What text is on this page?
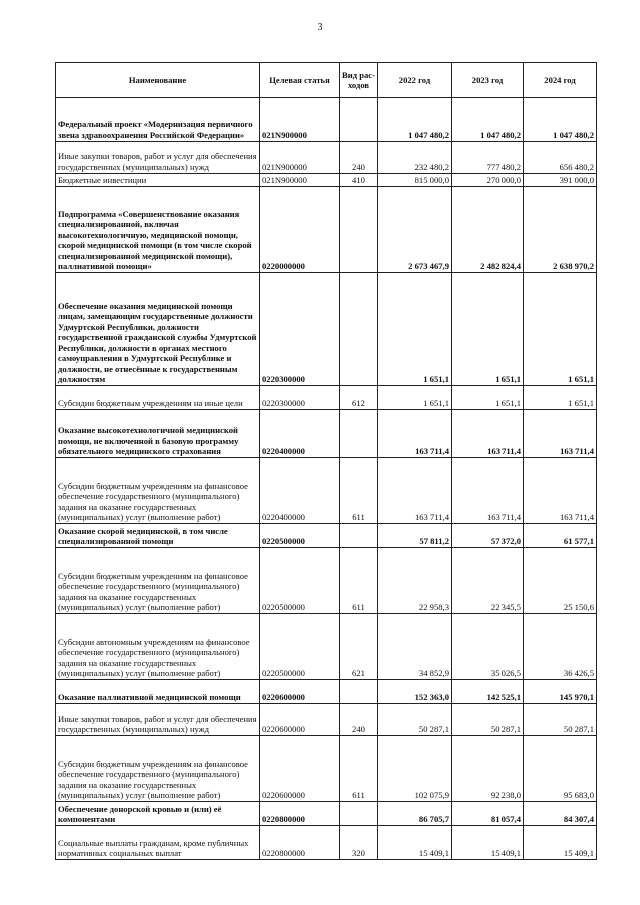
3
Наименование	Целевая статья	Вид рас-ходов	2022 год	2023 год	2024 год
Федеральный проект «Модернизация первичного звена здравоохранения Российской Федерации»	021N900000		1 047 480,2	1 047 480,2	1 047 480,2
Иные закупки товаров, работ и услуг для обеспечения государственных (муниципальных) нужд	021N900000	240	232 480,2	777 480,2	656 480,2
Бюджетные инвестиции	021N900000	410	815 000,0	270 000,0	391 000,0
Подпрограмма «Совершенствование оказания специализированной, включая высокотехнологичную, медицинской помощи, скорой медицинской помощи (в том числе скорой специализированной медицинской помощи), паллиативной помощи»	0220000000		2 673 467,9	2 482 824,4	2 638 970,2
Обеспечение оказания медицинской помощи лицам, замещающим государственные должности Удмуртской Республики, должности государственной гражданской службы Удмуртской Республики, должности в органах местного самоуправления в Удмуртской Республике и должности, не отнесённые к государственным должностям	0220300000		1 651,1	1 651,1	1 651,1
Субсидии бюджетным учреждениям на иные цели	0220300000	612	1 651,1	1 651,1	1 651,1
Оказание высокотехнологичной медицинской помощи, не включенной в базовую программу обязательного медицинского страхования	0220400000		163 711,4	163 711,4	163 711,4
Субсидии бюджетным учреждениям на финансовое обеспечение государственного (муниципального) задания на оказание государственных (муниципальных) услуг (выполнение работ)	0220400000	611	163 711,4	163 711,4	163 711,4
Оказание скорой медицинской, в том числе специализированной помощи	0220500000		57 811,2	57 372,0	61 577,1
Субсидии бюджетным учреждениям на финансовое обеспечение государственного (муниципального) задания на оказание государственных (муниципальных) услуг (выполнение работ)	0220500000	611	22 958,3	22 345,5	25 150,6
Субсидии автономным учреждениям на финансовое обеспечение государственного (муниципального) задания на оказание государственных (муниципальных) услуг (выполнение работ)	0220500000	621	34 852,9	35 026,5	36 426,5
Оказание паллиативной медицинской помощи	0220600000		152 363,0	142 525,1	145 970,1
Иные закупки товаров, работ и услуг для обеспечения государственных (муниципальных) нужд	0220600000	240	50 287,1	50 287,1	50 287,1
Субсидии бюджетным учреждениям на финансовое обеспечение государственного (муниципального) задания на оказание государственных (муниципальных) услуг (выполнение работ)	0220600000	611	102 075,9	92 238,0	95 683,0
Обеспечение донорской кровью и (или) её компонентами	0220800000		86 705,7	81 057,4	84 307,4
Социальные выплаты гражданам, кроме публичных нормативных социальных выплат	0220800000	320	15 409,1	15 409,1	15 409,1
